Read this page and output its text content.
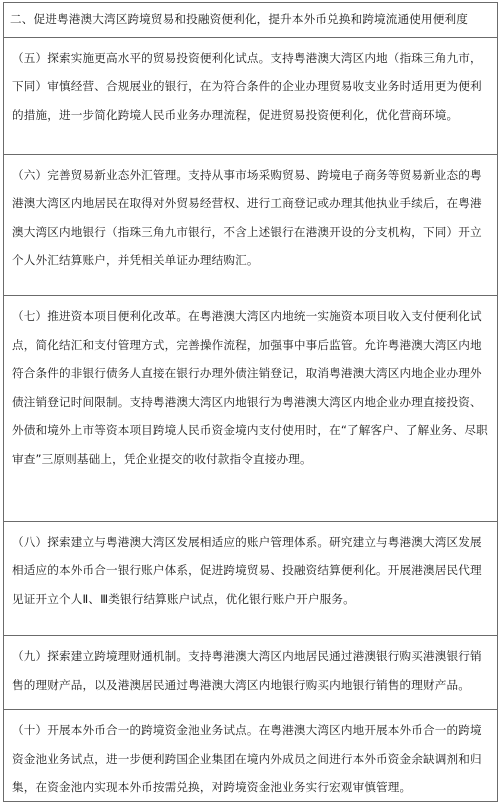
二、促进粤港澳大湾区跨境贸易和投融资便利化，提升本外币兑换和跨境流通使用便利度
（五）探索实施更高水平的贸易投资便利化试点。支持粤港澳大湾区内地（指珠三角九市，下同）审慎经营、合规展业的银行，在为符合条件的企业办理贸易收支业务时适用更为便利的措施，进一步简化跨境人民币业务办理流程，促进贸易投资便利化，优化营商环境。
（六）完善贸易新业态外汇管理。支持从事市场采购贸易、跨境电子商务等贸易新业态的粤港澳大湾区内地居民在取得对外贸易经营权、进行工商登记或办理其他执业手续后，在粤港澳大湾区内地银行（指珠三角九市银行，不含上述银行在港澳开设的分支机构，下同）开立个人外汇结算账户，并凭相关单证办理结购汇。
（七）推进资本项目便利化改革。在粤港澳大湾区内地统一实施资本项目收入支付便利化试点，简化结汇和支付管理方式，完善操作流程，加强事中事后监管。允许粤港澳大湾区内地符合条件的非银行债务人直接在银行办理外债注销登记，取消粤港澳大湾区内地企业办理外债注销登记时间限制。支持粤港澳大湾区内地银行为粤港澳大湾区内地企业办理直接投资、外债和境外上市等资本项目跨境人民币资金境内支付使用时，在“了解客户、了解业务、尽职审查”三原则基础上，凭企业提交的收付款指令直接办理。
（八）探索建立与粤港澳大湾区发展相适应的账户管理体系。研究建立与粤港澳大湾区发展相适应的本外币合一银行账户体系，促进跨境贸易、投融资结算便利化。开展港澳居民代理见证开立个人Ⅱ、Ⅲ类银行结算账户试点，优化银行账户开户服务。
（九）探索建立跨境理财通机制。支持粤港澳大湾区内地居民通过港澳银行购买港澳银行销售的理财产品，以及港澳居民通过粤港澳大湾区内地银行购买内地银行销售的理财产品。
（十）开展本外币合一的跨境资金池业务试点。在粤港澳大湾区内地开展本外币合一的跨境资金池业务试点，进一步便利跨国企业集团在境内外成员之间进行本外币资金余缺调剂和归集，在资金池内实现本外币按需兑换，对跨境资金池业务实行宏观审慎管理。
